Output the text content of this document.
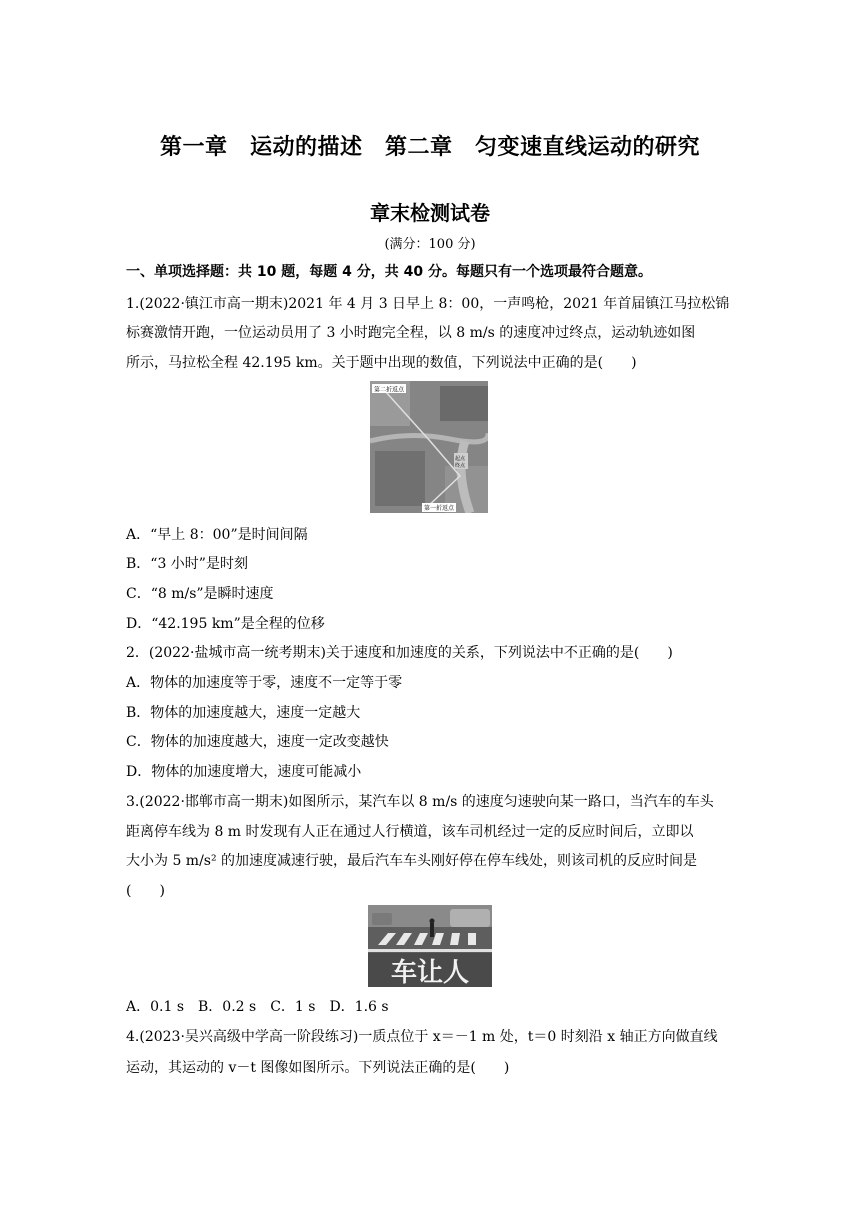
第一章　运动的描述　第二章　匀变速直线运动的研究
章末检测试卷
(满分：100 分)
一、单项选择题：共 10 题，每题 4 分，共 40 分。每题只有一个选项最符合题意。
1.(2022·镇江市高一期末)2021 年 4 月 3 日早上 8：00，一声鸣枪，2021 年首届镇江马拉松锦
标赛激情开跑，一位运动员用了 3 小时跑完全程，以 8 m/s 的速度冲过终点，运动轨迹如图
所示，马拉松全程 42.195 km。关于题中出现的数值，下列说法中正确的是(　　)
第二折返点
起点
终点
第一折返点
A．“早上 8：00”是时间间隔
B．“3 小时”是时刻
C．“8 m/s”是瞬时速度
D．“42.195 km”是全程的位移
2．(2022·盐城市高一统考期末)关于速度和加速度的关系，下列说法中不正确的是(　　)
A．物体的加速度等于零，速度不一定等于零
B．物体的加速度越大，速度一定越大
C．物体的加速度越大，速度一定改变越快
D．物体的加速度增大，速度可能减小
3.(2022·邯郸市高一期末)如图所示，某汽车以 8 m/s 的速度匀速驶向某一路口，当汽车的车头
距离停车线为 8 m 时发现有人正在通过人行横道，该车司机经过一定的反应时间后，立即以
大小为 5 m/s² 的加速度减速行驶，最后汽车车头刚好停在停车线处，则该司机的反应时间是
(　　)
车让人
A．0.1 s　B．0.2 s　C．1 s　D．1.6 s
4.(2023·吴兴高级中学高一阶段练习)一质点位于 x＝－1 m 处，t＝0 时刻沿 x 轴正方向做直线
运动，其运动的 v－t 图像如图所示。下列说法正确的是(　　)
